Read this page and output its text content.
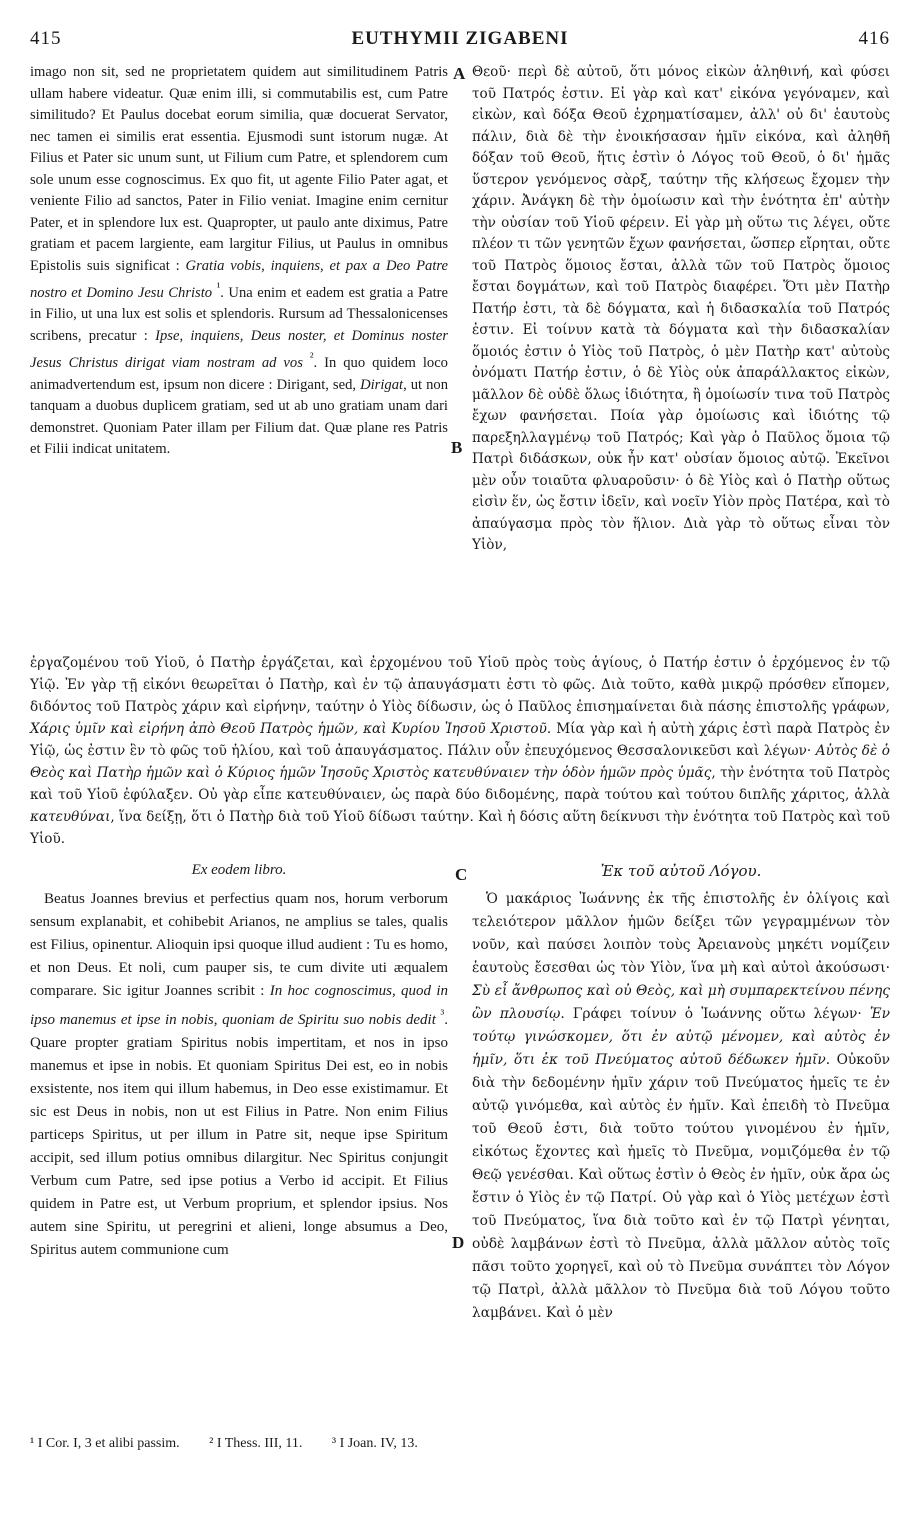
415	EUTHYMII ZIGABENI	416
A
B
C
D

imago non sit, sed ne proprietatem quidem aut similitudinem Patris ullam habere videatur. Quæ enim illi, si commutabilis est, cum Patre similitudo? Et Paulus docebat eorum similia, quæ docuerat Servator, nec tamen ei similis erat essentia. Ejusmodi sunt istorum nugæ. At Filius et Pater sic unum sunt, ut Filium cum Patre, et splendorem cum sole unum esse cognoscimus. Ex quo fit, ut agente Filio Pater agat, et veniente Filio ad sanctos, Pater in Filio veniat. Imagine enim cernitur Pater, et in splendore lux est. Quapropter, ut paulo ante diximus, Patre gratiam et pacem largiente, eam largitur Filius, ut Paulus in omnibus Epistolis suis significat : Gratia vobis, inquiens, et pax a Deo Patre nostro et Domino Jesu Christo $^{^1}$. Una enim et eadem est gratia a Patre in Filio, ut una lux est solis et splendoris. Rursum ad Thessalonicenses scribens, precatur : Ipse, inquiens, Deus noster, et Dominus noster Jesus Christus dirigat viam nostram ad vos $^{^2}$. In quo quidem loco animadvertendum est, ipsum non dicere : Dirigant, sed, Dirigat, ut non tanquam a duobus duplicem gratiam, sed ut ab uno gratiam unam dari demonstret. Quoniam Pater illam per Filium dat. Quæ plane res Patris et Filii indicat unitatem.

Θεοῦ· περὶ δὲ αὐτοῦ, ὅτι μόνος εἰκὼν ἀληθινή, καὶ φύσει τοῦ Πατρός ἐστιν. Εἰ γὰρ καὶ κατ' εἰκόνα γεγόναμεν, καὶ εἰκὼν, καὶ δόξα Θεοῦ ἐχρηματίσαμεν, ἀλλ' οὐ δι' ἑαυτοὺς πάλιν, διὰ δὲ τὴν ἐνοικήσασαν ἡμῖν εἰκόνα, καὶ ἀληθῆ δόξαν τοῦ Θεοῦ, ἥτις ἐστὶν ὁ Λόγος τοῦ Θεοῦ, ὁ δι' ἡμᾶς ὕστερον γενόμενος σὰρξ, ταύτην τῆς κλήσεως ἔχομεν τὴν χάριν. Ἀνάγκη δὲ τὴν ὁμοίωσιν καὶ τὴν ἑνότητα ἐπ' αὐτὴν τὴν οὐσίαν τοῦ Υἱοῦ φέρειν. Εἰ γὰρ μὴ οὕτω τις λέγει, οὔτε πλέον τι τῶν γενητῶν ἔχων φανήσεται, ὥσπερ εἴρηται, οὔτε τοῦ Πατρὸς ὅμοιος ἔσται, ἀλλὰ τῶν τοῦ Πατρὸς ὅμοιος ἔσται δογμάτων, καὶ τοῦ Πατρὸς διαφέρει. Ὅτι μὲν Πατὴρ Πατήρ ἐστι, τὰ δὲ δόγματα, καὶ ἡ διδασκαλία τοῦ Πατρός ἐστιν. Εἰ τοίνυν κατὰ τὰ δόγματα καὶ τὴν διδασκαλίαν ὅμοιός ἐστιν ὁ Υἱὸς τοῦ Πατρὸς, ὁ μὲν Πατὴρ κατ' αὐτοὺς ὀνόματι Πατήρ ἐστιν, ὁ δὲ Υἱὸς οὐκ ἀπαράλλακτος εἰκὼν, μᾶλλον δὲ οὐδὲ ὅλως ἰδιότητα, ἢ ὁμοίωσίν τινα τοῦ Πατρὸς ἔχων φανήσεται. Ποία γὰρ ὁμοίωσις καὶ ἰδιότης τῷ παρεξηλλαγμένῳ τοῦ Πατρός; Καὶ γὰρ ὁ Παῦλος ὅμοια τῷ Πατρὶ διδάσκων, οὐκ ἦν κατ' οὐσίαν ὅμοιος αὐτῷ. Ἐκεῖνοι μὲν οὖν τοιαῦτα φλυαροῦσιν· ὁ δὲ Υἱὸς καὶ ὁ Πατὴρ οὕτως εἰσὶν ἕν, ὡς ἔστιν ἰδεῖν, καὶ νοεῖν Υἱὸν πρὸς Πατέρα, καὶ τὸ ἀπαύγασμα πρὸς τὸν ἥλιον. Διὰ γὰρ τὸ οὕτως εἶναι τὸν Υἱὸν,

ἐργαζομένου τοῦ Υἱοῦ, ὁ Πατὴρ ἐργάζεται, καὶ ἐρχομένου τοῦ Υἱοῦ πρὸς τοὺς ἁγίους, ὁ Πατήρ ἐστιν ὁ ἐρχόμενος ἐν τῷ Υἱῷ. Ἐν γὰρ τῇ εἰκόνι θεωρεῖται ὁ Πατὴρ, καὶ ἐν τῷ ἀπαυγάσματι ἐστι τὸ φῶς. Διὰ τοῦτο, καθὰ μικρῷ πρόσθεν εἴπομεν, διδόντος τοῦ Πατρὸς χάριν καὶ εἰρήνην, ταύτην ὁ Υἱὸς δίδωσιν, ὡς ὁ Παῦλος ἐπισημαίνεται διὰ πάσης ἐπιστολῆς γράφων, Χάρις ὑμῖν καὶ εἰρήνη ἀπὸ Θεοῦ Πατρὸς ἡμῶν, καὶ Κυρίου Ἰησοῦ Χριστοῦ. Μία γὰρ καὶ ἡ αὐτὴ χάρις ἐστὶ παρὰ Πατρὸς ἐν Υἱῷ, ὡς ἐστιν ἓν τὸ φῶς τοῦ ἡλίου, καὶ τοῦ ἀπαυγάσματος. Πάλιν οὖν ἐπευχόμενος Θεσσαλονικεῦσι καὶ λέγων· Αὐτὸς δὲ ὁ Θεὸς καὶ Πατὴρ ἡμῶν καὶ ὁ Κύριος ἡμῶν Ἰησοῦς Χριστὸς κατευθύναιεν τὴν ὁδὸν ἡμῶν πρὸς ὑμᾶς, τὴν ἑνότητα τοῦ Πατρὸς καὶ τοῦ Υἱοῦ ἐφύλαξεν. Οὐ γὰρ εἶπε κατευθύναιεν, ὡς παρὰ δύο διδομένης, παρὰ τούτου καὶ τούτου διπλῆς χάριτος, ἀλλὰ κατευθύναι, ἵνα δείξῃ, ὅτι ὁ Πατὴρ διὰ τοῦ Υἱοῦ δίδωσι ταύτην. Καὶ ἡ δόσις αὕτη δείκνυσι τὴν ἑνότητα τοῦ Πατρὸς καὶ τοῦ Υἱοῦ.

Ex eodem libro.	Ἐκ τοῦ αὐτοῦ Λόγου.

Beatus Joannes brevius et perfectius quam nos, horum verborum sensum explanabit, et cohibebit Arianos, ne amplius se tales, qualis est Filius, opinentur. Alioquin ipsi quoque illud audient : Tu es homo, et non Deus. Et noli, cum pauper sis, te cum divite uti æqualem comparare. Sic igitur Joannes scribit : In hoc cognoscimus, quod in ipso manemus et ipse in nobis, quoniam de Spiritu suo nobis dedit $^{^3}$. Quare propter gratiam Spiritus nobis impertitam, et nos in ipso manemus et ipse in nobis. Et quoniam Spiritus Dei est, eo in nobis exsistente, nos item qui illum habemus, in Deo esse existimamur. Et sic est Deus in nobis, non ut est Filius in Patre. Non enim Filius particeps Spiritus, ut per illum in Patre sit, neque ipse Spiritum accipit, sed illum potius omnibus dilargitur. Nec Spiritus conjungit Verbum cum Patre, sed ipse potius a Verbo id accipit. Et Filius quidem in Patre est, ut Verbum proprium, et splendor ipsius. Nos autem sine Spiritu, ut peregrini et alieni, longe absumus a Deo, Spiritus autem communione cum

Ὁ μακάριος Ἰωάννης ἐκ τῆς ἐπιστολῆς ἐν ὀλίγοις καὶ τελειότερον μᾶλλον ἡμῶν δείξει τῶν γεγραμμένων τὸν νοῦν, καὶ παύσει λοιπὸν τοὺς Ἀρειανοὺς μηκέτι νομίζειν ἑαυτοὺς ἔσεσθαι ὡς τὸν Υἱὸν, ἵνα μὴ καὶ αὐτοὶ ἀκούσωσι· Σὺ εἶ ἄνθρωπος καὶ οὐ Θεὸς, καὶ μὴ συμπαρεκτείνου πένης ὢν πλουσίῳ. Γράφει τοίνυν ὁ Ἰωάννης οὕτω λέγων· Ἐν τούτῳ γινώσκομεν, ὅτι ἐν αὐτῷ μένομεν, καὶ αὐτὸς ἐν ἡμῖν, ὅτι ἐκ τοῦ Πνεύματος αὐτοῦ δέδωκεν ἡμῖν. Οὐκοῦν διὰ τὴν δεδομένην ἡμῖν χάριν τοῦ Πνεύματος ἡμεῖς τε ἐν αὐτῷ γινόμεθα, καὶ αὐτὸς ἐν ἡμῖν. Καὶ ἐπειδὴ τὸ Πνεῦμα τοῦ Θεοῦ ἐστι, διὰ τοῦτο τούτου γινομένου ἐν ἡμῖν, εἰκότως ἔχοντες καὶ ἡμεῖς τὸ Πνεῦμα, νομιζόμεθα ἐν τῷ Θεῷ γενέσθαι. Καὶ οὕτως ἐστὶν ὁ Θεὸς ἐν ἡμῖν, οὐκ ἄρα ὡς ἔστιν ὁ Υἱὸς ἐν τῷ Πατρί. Οὐ γὰρ καὶ ὁ Υἱὸς μετέχων ἐστὶ τοῦ Πνεύματος, ἵνα διὰ τοῦτο καὶ ἐν τῷ Πατρὶ γένηται, οὐδὲ λαμβάνων ἐστὶ τὸ Πνεῦμα, ἀλλὰ μᾶλλον αὐτὸς τοῖς πᾶσι τοῦτο χορηγεῖ, καὶ οὐ τὸ Πνεῦμα συνάπτει τὸν Λόγον τῷ Πατρὶ, ἀλλὰ μᾶλλον τὸ Πνεῦμα διὰ τοῦ Λόγου τοῦτο λαμβάνει. Καὶ ὁ μὲν

¹ I Cor. I, 3 et alibi passim. ² I Thess. III, 11. ³ I Joan. IV, 13.
